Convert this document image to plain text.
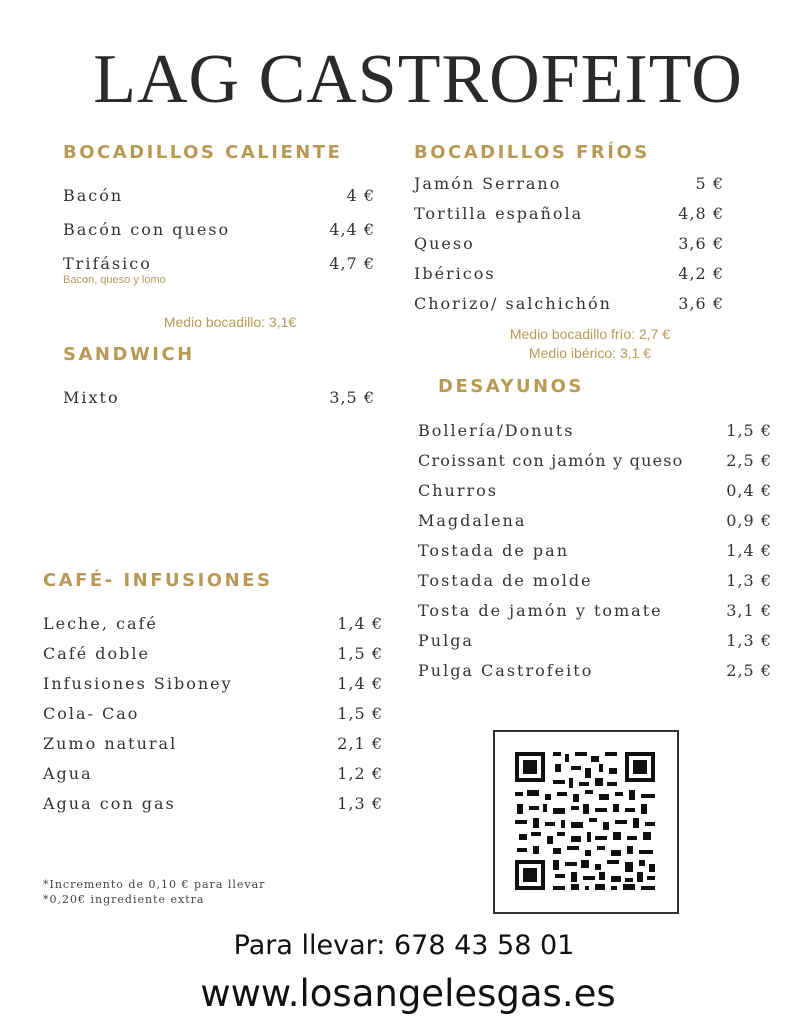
LAG CASTROFEITO
BOCADILLOS CALIENTE
Bacón	4 €
Bacón con queso	4,4 €
Trifásico	4,7 €
Bacon, queso y lomo
Medio bocadillo: 3,1€
SANDWICH
Mixto	3,5 €
BOCADILLOS FRÍOS
Jamón Serrano	5 €
Tortilla española	4,8 €
Queso	3,6 €
Ibéricos	4,2 €
Chorizo/ salchichón	3,6 €
Medio bocadillo frío: 2,7 €
Medio ibérico: 3,1 €
DESAYUNOS
Bollería/Donuts	1,5 €
Croissant con jamón y queso	2,5 €
Churros	0,4 €
Magdalena	0,9 €
Tostada de pan	1,4 €
Tostada de molde	1,3 €
Tosta de jamón y tomate	3,1 €
Pulga	1,3 €
Pulga Castrofeito	2,5 €
CAFÉ- INFUSIONES
Leche, café	1,4 €
Café doble	1,5 €
Infusiones Siboney	1,4 €
Cola- Cao	1,5 €
Zumo natural	2,1 €
Agua	1,2 €
Agua con gas	1,3 €
*Incremento de 0,10 € para llevar
*0,20€ ingrediente extra
Para llevar: 678 43 58 01
www.losangelesgas.es
